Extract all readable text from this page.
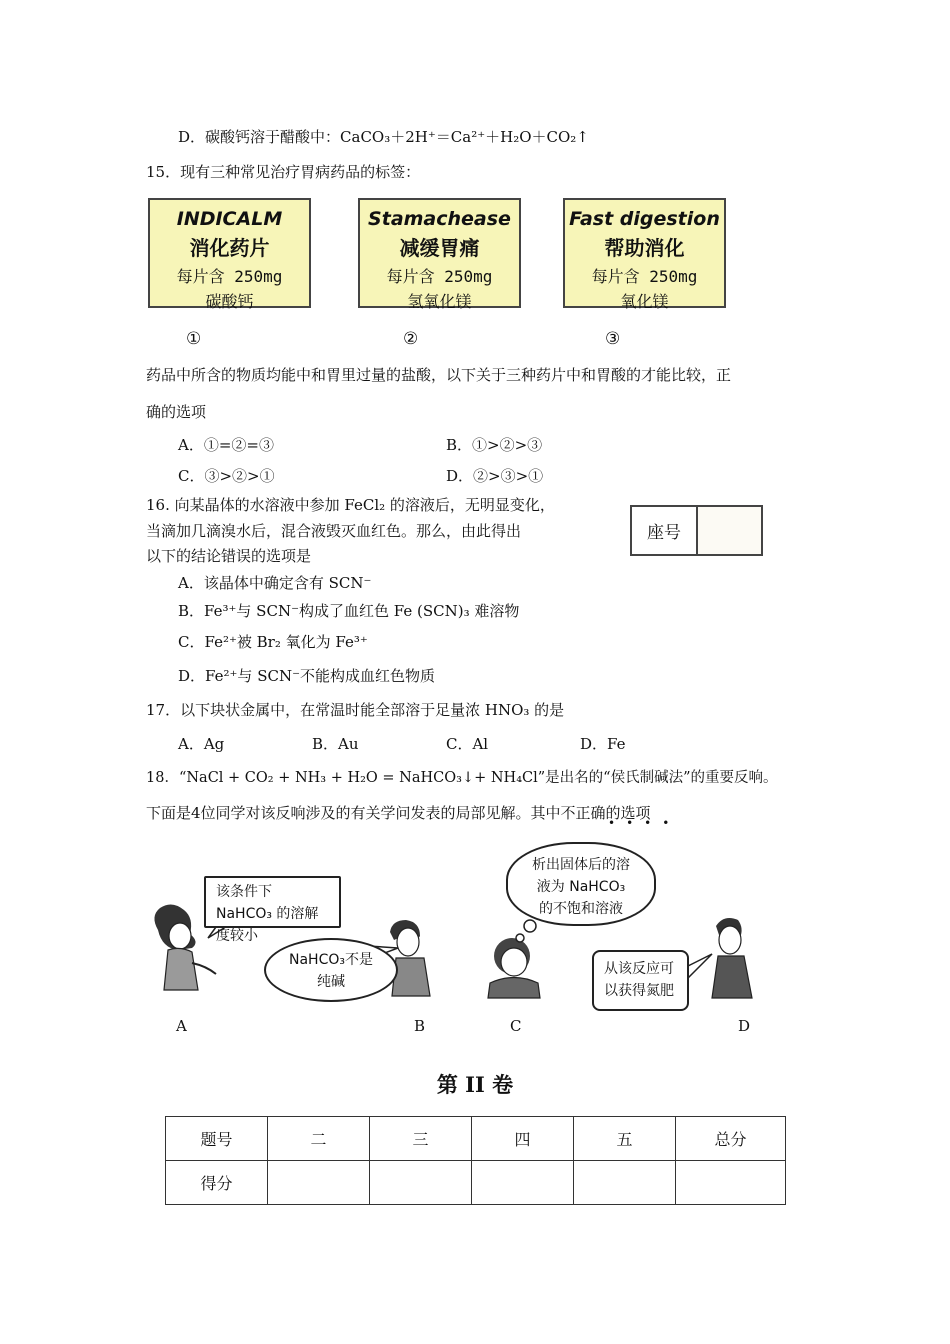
D．碳酸钙溶于醋酸中：CaCO₃＋2H⁺＝Ca²⁺＋H₂O＋CO₂↑
15．现有三种常见治疗胃病药品的标签：
INDICALM
消化药片
每片含 250mg
碳酸钙
Stamachease
减缓胃痛
每片含 250mg
氢氧化镁
Fast digestion
帮助消化
每片含 250mg
氧化镁
①	②	③
药品中所含的物质均能中和胃里过量的盐酸，以下关于三种药片中和胃酸的才能比较，正
确的选项
A．①=②=③	B．①>②>③
C．③>②>①	D．②>③>①
16. 向某晶体的水溶液中参加 FeCl₂ 的溶液后，无明显变化，
当滴加几滴溴水后，混合液毁灭血红色。那么，由此得出
以下的结论错误的选项是
A．该晶体中确定含有 SCN⁻
B．Fe³⁺与 SCN⁻构成了血红色 Fe (SCN)₃ 难溶物
C．Fe²⁺被 Br₂ 氧化为 Fe³⁺
D．Fe²⁺与 SCN⁻不能构成血红色物质
座号
17．以下块状金属中，在常温时能全部溶于足量浓 HNO₃ 的是
A．Ag	B．Au	C．Al	D．Fe
18．“NaCl + CO₂ + NH₃ + H₂O = NaHCO₃↓+ NH₄Cl”是出名的“侯氏制碱法”的重要反响。
下面是4位同学对该反响涉及的有关学问发表的局部见解。其中不正确的选项
••••
该条件下 NaHCO₃ 的溶解度较小
NaHCO₃不是纯碱
析出固体后的溶液为 NaHCO₃的不饱和溶液
从该反应可以获得氮肥
A	B	C	D
第 II 卷
题号	二	三	四	五	总分
得分					
